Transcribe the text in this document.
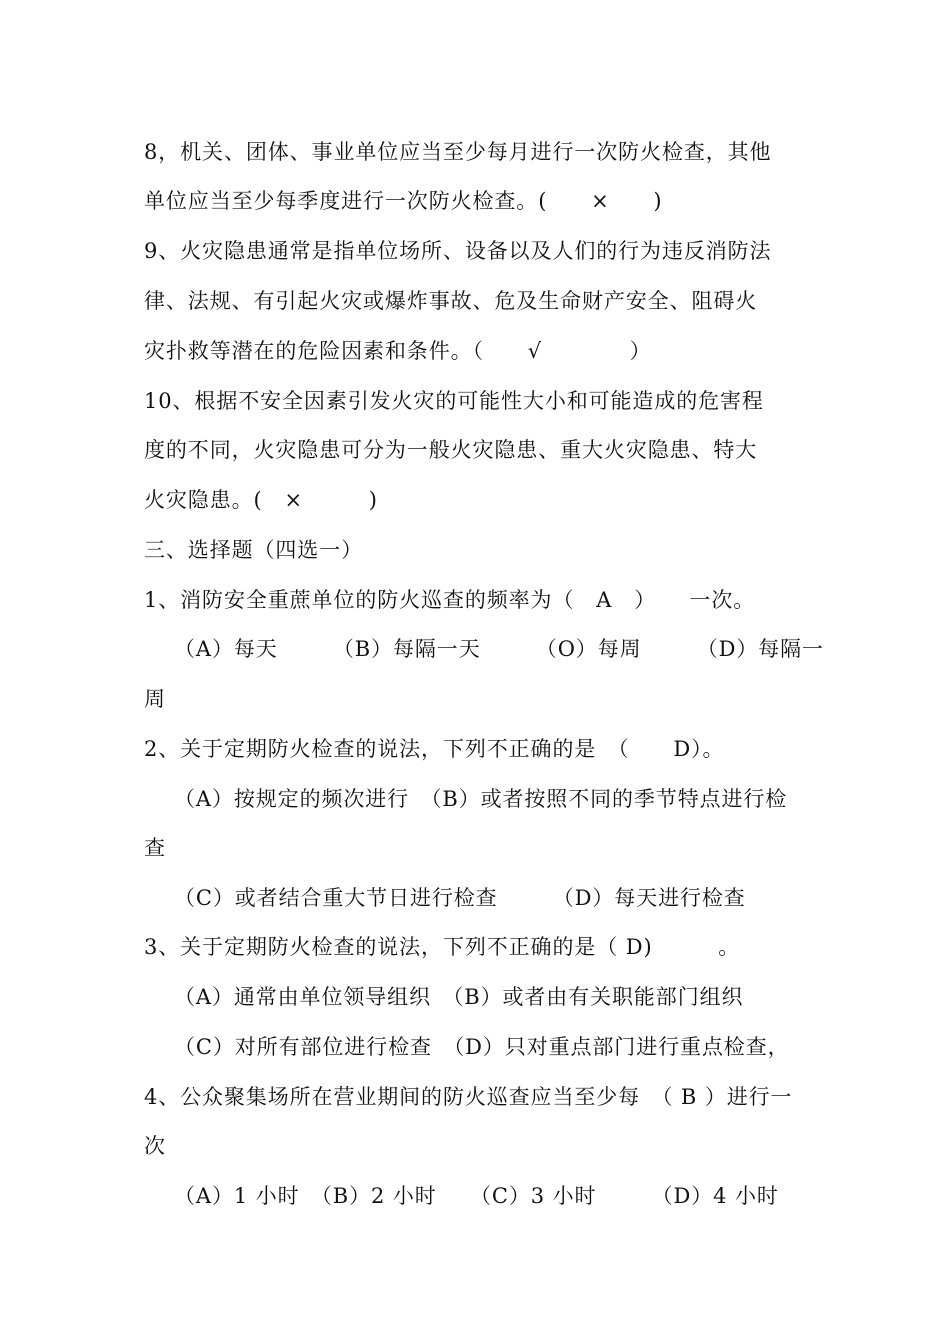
8，机关、团体、事业单位应当至少每月进行一次防火检查，其他
单位应当至少每季度进行一次防火检查。(　　×　　)
9、火灾隐患通常是指单位场所、设备以及人们的行为违反消防法
律、法规、有引起火灾或爆炸事故、危及生命财产安全、阻碍火
灾扑救等潜在的危险因素和条件。（　　√　　　　）
10、根据不安全因素引发火灾的可能性大小和可能造成的危害程
度的不同，火灾隐患可分为一般火灾隐患、重大火灾隐患、特大
火灾隐患。(　×　　　)
三、选择题（四选一）
1、消防安全重蔗单位的防火巡查的频率为（　A　）　　一次。
（A）每天　　　（B）每隔一天　　　（O）每周　　　（D）每隔一
周
2、关于定期防火检查的说法，下列不正确的是　（　　D）。
（A）按规定的频次进行　（B）或者按照不同的季节特点进行检
查
（C）或者结合重大节日进行检查　　　（D）每天进行检查
3、关于定期防火检查的说法，下列不正确的是（ D)　　　。
（A）通常由单位领导组织　（B）或者由有关职能部门组织
（C）对所有部位进行检查　（D）只对重点部门进行重点检查，
4、公众聚集场所在营业期间的防火巡查应当至少每　（ B ）进行一
次
（A）1 小时　（B）2 小时　　（C）3 小时　　　（D）4 小时
